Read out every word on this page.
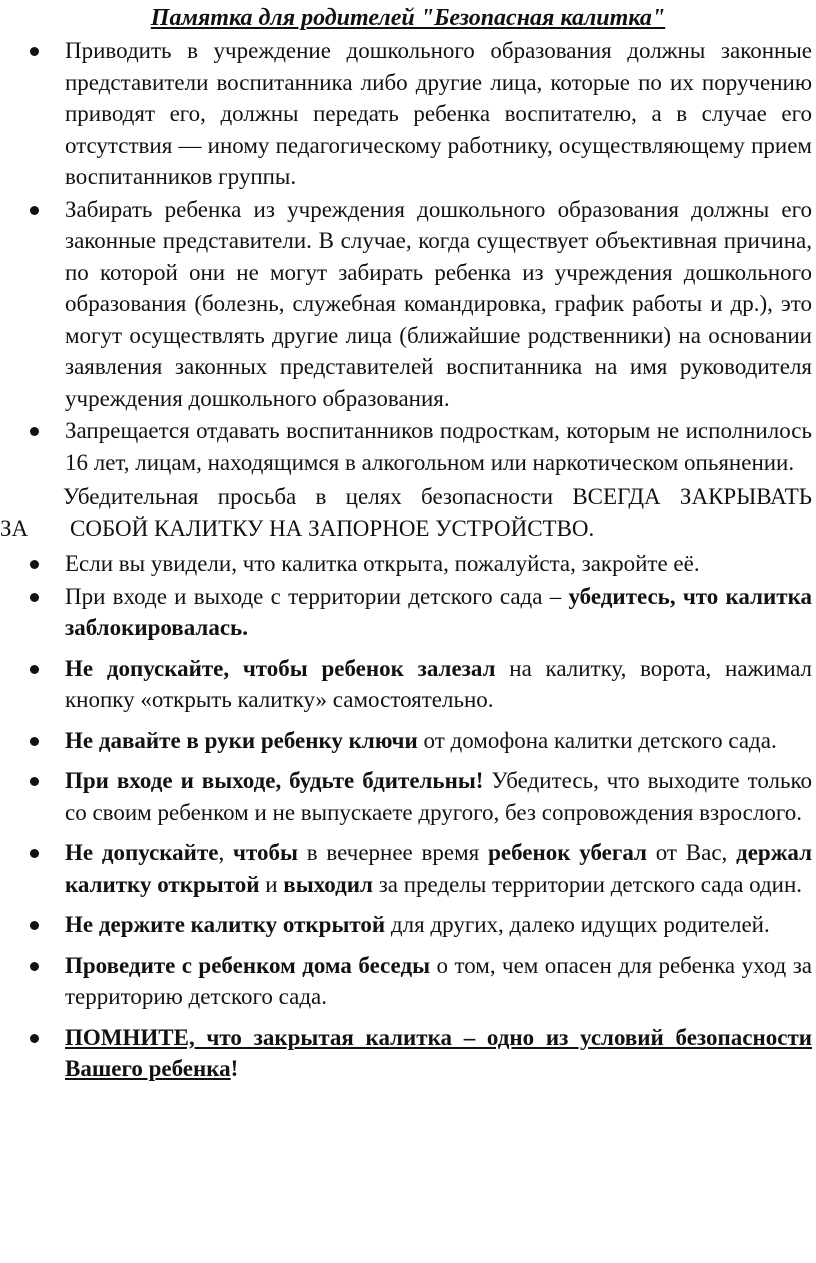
Памятка для родителей "Безопасная калитка"
Приводить в учреждение дошкольного образования должны законные представители воспитанника либо другие лица, которые по их поручению приводят его, должны передать ребенка воспитателю, а в случае его отсутствия — иному педагогическому работнику, осуществляющему прием воспитанников группы.
Забирать ребенка из учреждения дошкольного образования должны его законные представители. В случае, когда существует объективная причина, по которой они не могут забирать ребенка из учреждения дошкольного образования (болезнь, служебная командировка, график работы и др.), это могут осуществлять другие лица (ближайшие родственники) на основании заявления законных представителей воспитанника на имя руководителя учреждения дошкольного образования.
Запрещается отдавать воспитанников подросткам, которым не исполнилось 16 лет, лицам, находящимся в алкогольном или наркотическом опьянении.
Убедительная просьба в целях безопасности ВСЕГДА ЗАКРЫВАТЬ
ЗА СОБОЙ КАЛИТКУ НА ЗАПОРНОЕ УСТРОЙСТВО.
Если вы увидели, что калитка открыта, пожалуйста, закройте её.
При входе и выходе с территории детского сада – убедитесь, что калитка заблокировалась.
Не допускайте, чтобы ребенок залезал на калитку, ворота, нажимал кнопку «открыть калитку» самостоятельно.
Не давайте в руки ребенку ключи от домофона калитки детского сада.
При входе и выходе, будьте бдительны! Убедитесь, что выходите только со своим ребенком и не выпускаете другого, без сопровождения взрослого.
Не допускайте, чтобы в вечернее время ребенок убегал от Вас, держал калитку открытой и выходил за пределы территории детского сада один.
Не держите калитку открытой для других, далеко идущих родителей.
Проведите с ребенком дома беседы о том, чем опасен для ребенка уход за территорию детского сада.
ПОМНИТЕ, что закрытая калитка – одно из условий безопасности Вашего ребенка!
